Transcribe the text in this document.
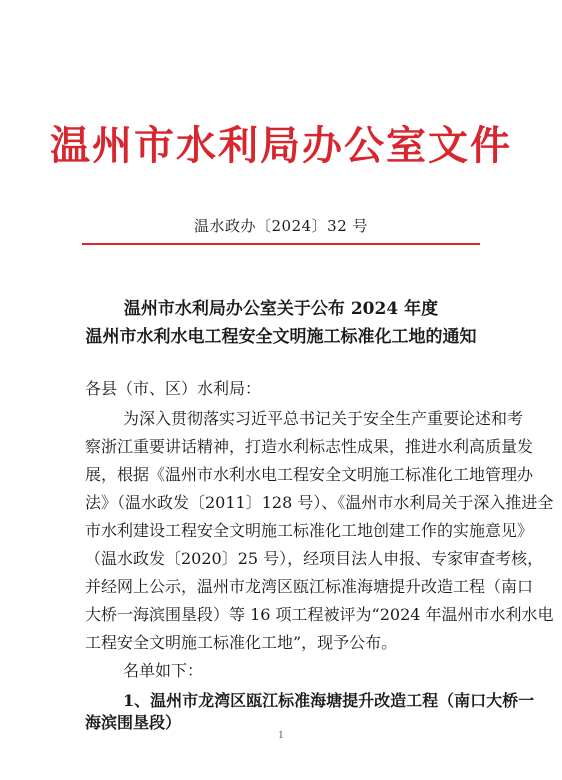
温州市水利局办公室文件
温水政办〔2024〕32 号
温州市水利局办公室关于公布 2024 年度
温州市水利水电工程安全文明施工标准化工地的通知
各县（市、区）水利局：
为深入贯彻落实习近平总书记关于安全生产重要论述和考
察浙江重要讲话精神，打造水利标志性成果，推进水利高质量发
展，根据《温州市水利水电工程安全文明施工标准化工地管理办
法》（温水政发〔2011〕128 号）、《温州市水利局关于深入推进全
市水利建设工程安全文明施工标准化工地创建工作的实施意见》
（温水政发〔2020〕25 号），经项目法人申报、专家审查考核，
并经网上公示，温州市龙湾区瓯江标准海塘提升改造工程（南口
大桥一海滨围垦段）等 16 项工程被评为“2024 年温州市水利水电
工程安全文明施工标准化工地”，现予公布。
名单如下：
1、温州市龙湾区瓯江标准海塘提升改造工程（南口大桥一
海滨围垦段）
1
